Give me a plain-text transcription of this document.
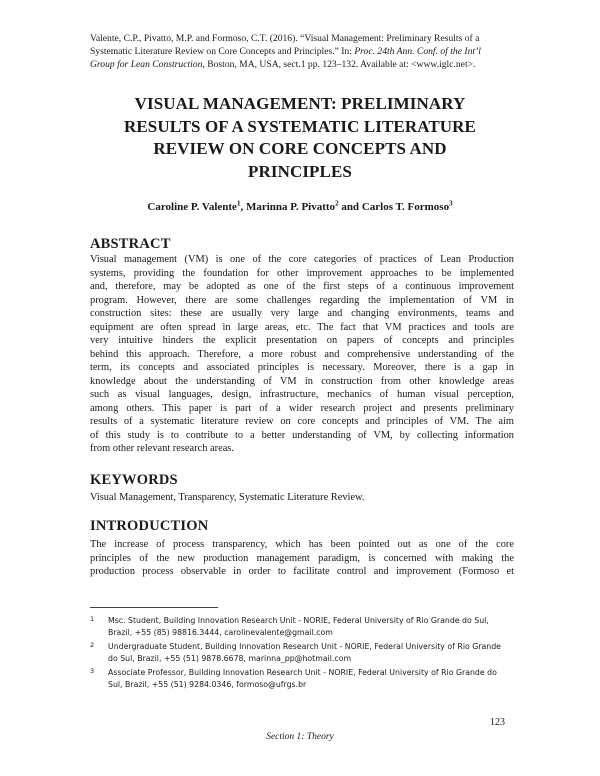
Valente, C.P., Pivatto, M.P. and Formoso, C.T. (2016). “Visual Management: Preliminary Results of a
Systematic Literature Review on Core Concepts and Principles.” In: Proc. 24th Ann. Conf. of the Int’l
Group for Lean Construction, Boston, MA, USA, sect.1 pp. 123–132. Available at: <www.iglc.net>.
VISUAL MANAGEMENT: PRELIMINARY
RESULTS OF A SYSTEMATIC LITERATURE
REVIEW ON CORE CONCEPTS AND
PRINCIPLES
Caroline P. Valente$^1$, Marinna P. Pivatto$^2$ and Carlos T. Formoso$^3$
ABSTRACT
Visual management (VM) is one of the core categories of practices of Lean Production
systems, providing the foundation for other improvement approaches to be implemented
and, therefore, may be adopted as one of the first steps of a continuous improvement
program. However, there are some challenges regarding the implementation of VM in
construction sites: these are usually very large and changing environments, teams and
equipment are often spread in large areas, etc. The fact that VM practices and tools are
very intuitive hinders the explicit presentation on papers of concepts and principles
behind this approach. Therefore, a more robust and comprehensive understanding of the
term, its concepts and associated principles is necessary. Moreover, there is a gap in
knowledge about the understanding of VM in construction from other knowledge areas
such as visual languages, design, infrastructure, mechanics of human visual perception,
among others. This paper is part of a wider research project and presents preliminary
results of a systematic literature review on core concepts and principles of VM. The aim
of this study is to contribute to a better understanding of VM, by collecting information
from other relevant research areas.
KEYWORDS
Visual Management, Transparency, Systematic Literature Review.
INTRODUCTION
The increase of process transparency, which has been pointed out as one of the core
principles of the new production management paradigm, is concerned with making the
production process observable in order to facilitate control and improvement (Formoso et
1	Msc. Student, Building Innovation Research Unit - NORIE, Federal University of Rio Grande do Sul,
Brazil, +55 (85) 98816.3444, carolinevalente@gmail.com
2	Undergraduate Student, Building Innovation Research Unit - NORIE, Federal University of Rio Grande
do Sul, Brazil, +55 (51) 9878.6678, marinna_pp@hotmail.com
3	Associate Professor, Building Innovation Research Unit - NORIE, Federal University of Rio Grande do
Sul, Brazil, +55 (51) 9284.0346, formoso@ufrgs.br
123
Section 1: Theory
